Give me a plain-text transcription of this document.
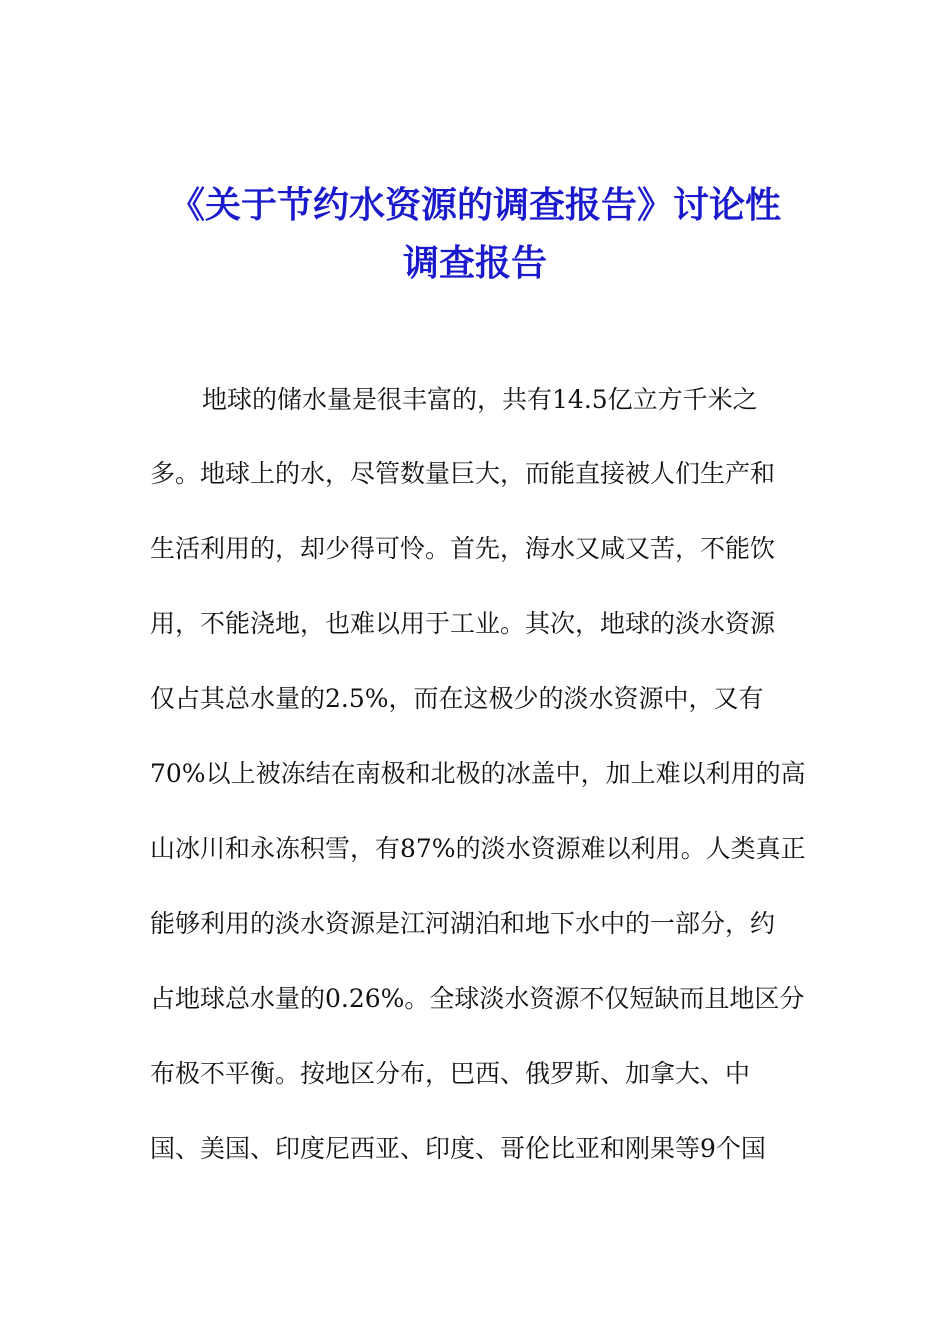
《关于节约水资源的调查报告》讨论性
调查报告

地球的储水量是很丰富的，共有14.5亿立方千米之

多。地球上的水，尽管数量巨大，而能直接被人们生产和

生活利用的，却少得可怜。首先，海水又咸又苦，不能饮

用，不能浇地，也难以用于工业。其次，地球的淡水资源

仅占其总水量的2.5%，而在这极少的淡水资源中，又有

70%以上被冻结在南极和北极的冰盖中，加上难以利用的高

山冰川和永冻积雪，有87%的淡水资源难以利用。人类真正

能够利用的淡水资源是江河湖泊和地下水中的一部分，约

占地球总水量的0.26%。全球淡水资源不仅短缺而且地区分

布极不平衡。按地区分布，巴西、俄罗斯、加拿大、中

国、美国、印度尼西亚、印度、哥伦比亚和刚果等9个国
